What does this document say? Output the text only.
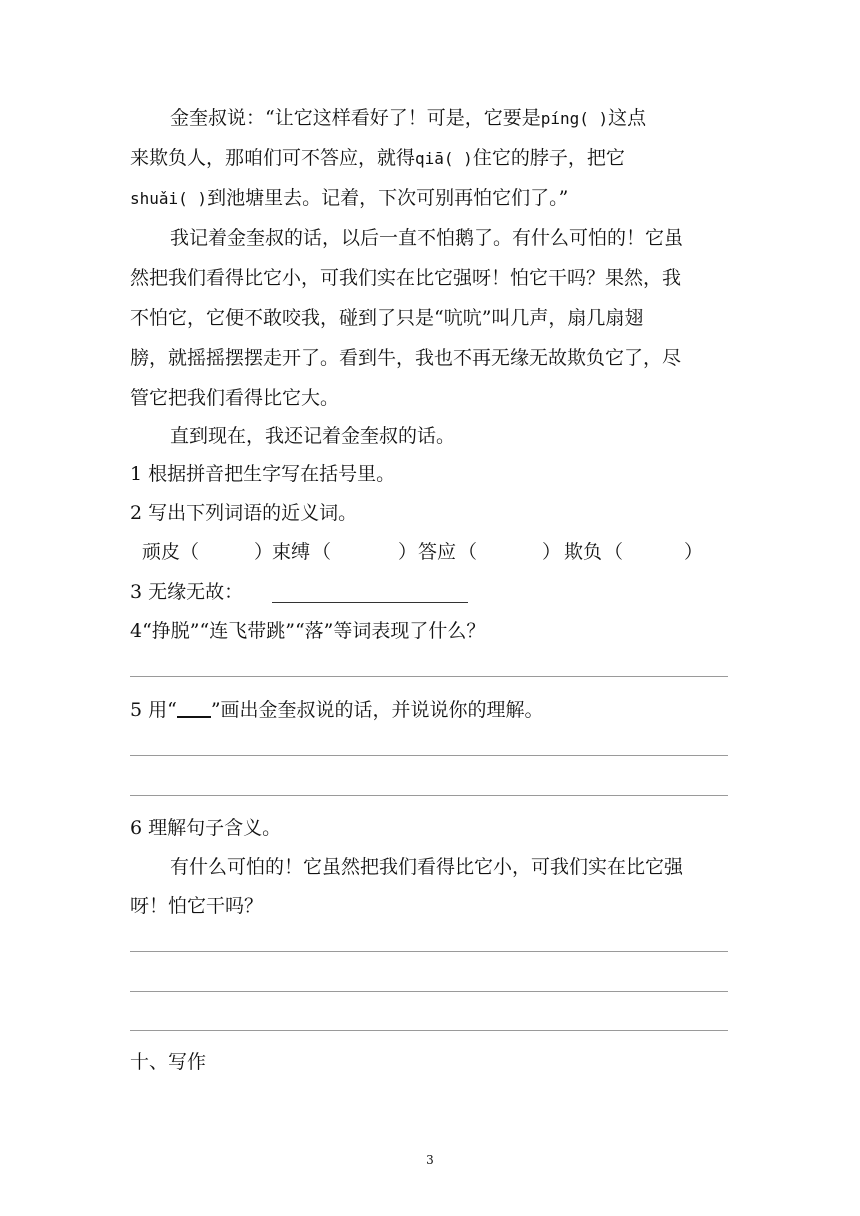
金奎叔说：“让它这样看好了！可是，它要是píng( )这点
来欺负人，那咱们可不答应，就得qiā( )住它的脖子，把它
shuǎi( )到池塘里去。记着，下次可别再怕它们了。”
我记着金奎叔的话，以后一直不怕鹅了。有什么可怕的！它虽
然把我们看得比它小，可我们实在比它强呀！怕它干吗？果然，我
不怕它，它便不敢咬我，碰到了只是“吭吭”叫几声，扇几扇翅
膀，就摇摇摆摆走开了。看到牛，我也不再无缘无故欺负它了，尽
管它把我们看得比它大。
直到现在，我还记着金奎叔的话。
1 根据拼音把生字写在括号里。
2 写出下列词语的近义词。
顽皮 （	）
束缚 （	） 答应 （	） 欺负 （	）
3 无缘无故：
4“挣脱”“连飞带跳”“落”等词表现了什么？
5 用“ ”画出金奎叔说的话，并说说你的理解。
6 理解句子含义。
有什么可怕的！它虽然把我们看得比它小，可我们实在比它强
呀！怕它干吗？
十、写作
3
